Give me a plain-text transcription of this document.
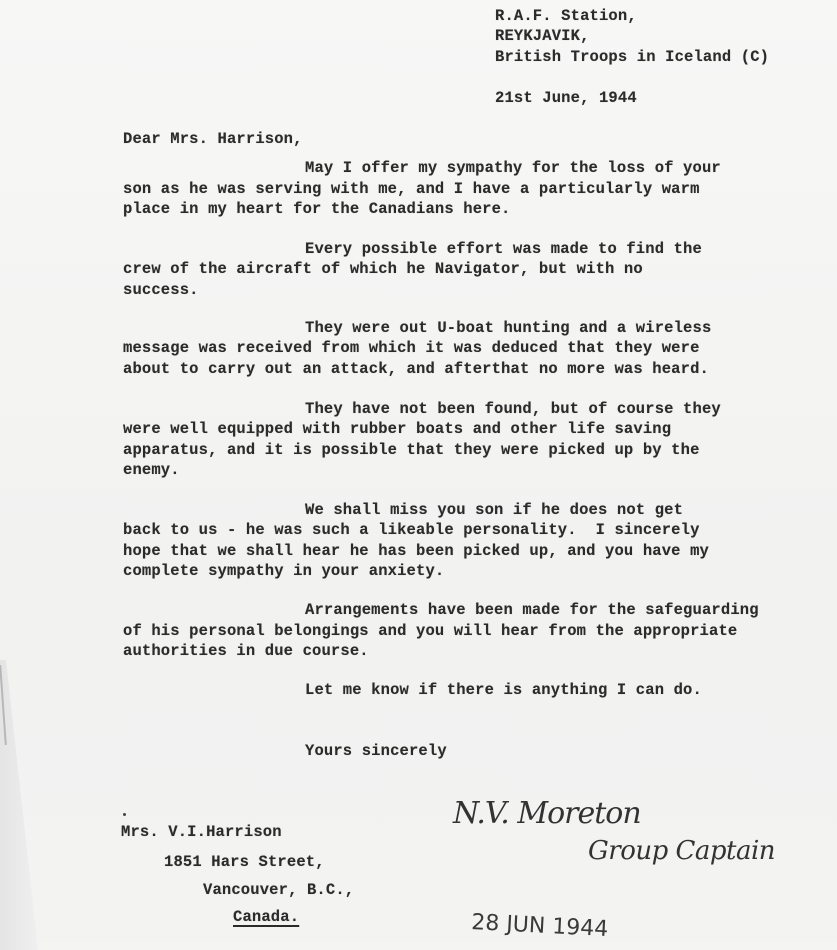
R.A.F. Station,
REYKJAVIK,
British Troops in Iceland (C)
21st June, 1944
Dear Mrs. Harrison,
May I offer my sympathy for the loss of your
son as he was serving with me, and I have a particularly warm
place in my heart for the Canadians here.
Every possible effort was made to find the
crew of the aircraft of which he Navigator, but with no
success.
They were out U-boat hunting and a wireless
message was received from which it was deduced that they were
about to carry out an attack, and afterthat no more was heard.
They have not been found, but of course they
were well equipped with rubber boats and other life saving
apparatus, and it is possible that they were picked up by the
enemy.
We shall miss you son if he does not get
back to us - he was such a likeable personality.  I sincerely
hope that we shall hear he has been picked up, and you have my
complete sympathy in your anxiety.
Arrangements have been made for the safeguarding
of his personal belongings and you will hear from the appropriate
authorities in due course.
Let me know if there is anything I can do.
Yours sincerely
Mrs. V.I.Harrison
1851 Hars Street,
Vancouver, B.C.,
Canada.
N.V. Moreton
Group Captain
28 JUN 1944
